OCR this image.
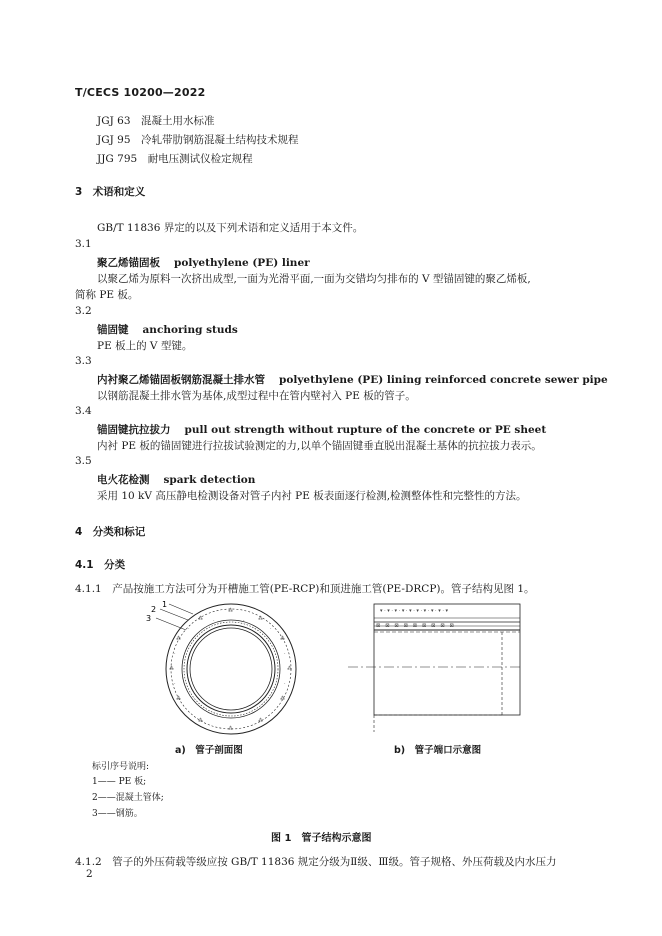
T/CECS 10200—2022
JGJ 63　 混凝土用水标准
JGJ 95　 冷轧带肋钢筋混凝土结构技术规程
JJG 795　 耐电压测试仪检定规程
3　术语和定义
GB/T 11836 界定的以及下列术语和定义适用于本文件。
3.1
聚乙烯锚固板 polyethylene (PE) liner
以聚乙烯为原料一次挤出成型,一面为光滑平面,一面为交错均匀排布的 V 型锚固键的聚乙烯板,
简称 PE 板。
3.2
锚固键 anchoring studs
PE 板上的 V 型键。
3.3
内衬聚乙烯锚固板钢筋混凝土排水管 polyethylene (PE) lining reinforced concrete sewer pipe
以钢筋混凝土排水管为基体,成型过程中在管内壁衬入 PE 板的管子。
3.4
锚固键抗拉拔力 pull out strength without rupture of the concrete or PE sheet
内衬 PE 板的锚固键进行拉拔试验测定的力,以单个锚固键垂直脱出混凝土基体的抗拉拔力表示。
3.5
电火花检测 spark detection
采用 10 kV 高压静电检测设备对管子内衬 PE 板表面逐行检测,检测整体性和完整性的方法。
4　分类和标记
4.1　分类
4.1.1　 产品按施工方法可分为开槽施工管(PE-RCP)和顶进施工管(PE-DRCP)。管子结构见图 1。
⁂
⁂
⁂
⁂
⁂
⁂
⁂
⁂
⁂
⁂
⁂
⁂	·
·
·
·
·
·
·
·
3
2
1
▾ · ▾ · ▾ · ▾ · ▾ · ▾ · ▾ · ▾ · ▾ · ▾
⊠　⊠　⊠　⊠　⊠　⊠　⊠　⊠　⊠
a)　管子剖面图	b)　管子端口示意图
标引序号说明:
1—— PE 板;
2——混凝土管体;
3——钢筋。
图 1　管子结构示意图
4.1.2　 管子的外压荷载等级应按 GB/T 11836 规定分级为Ⅱ级、Ⅲ级。管子规格、外压荷载及内水压力
2
